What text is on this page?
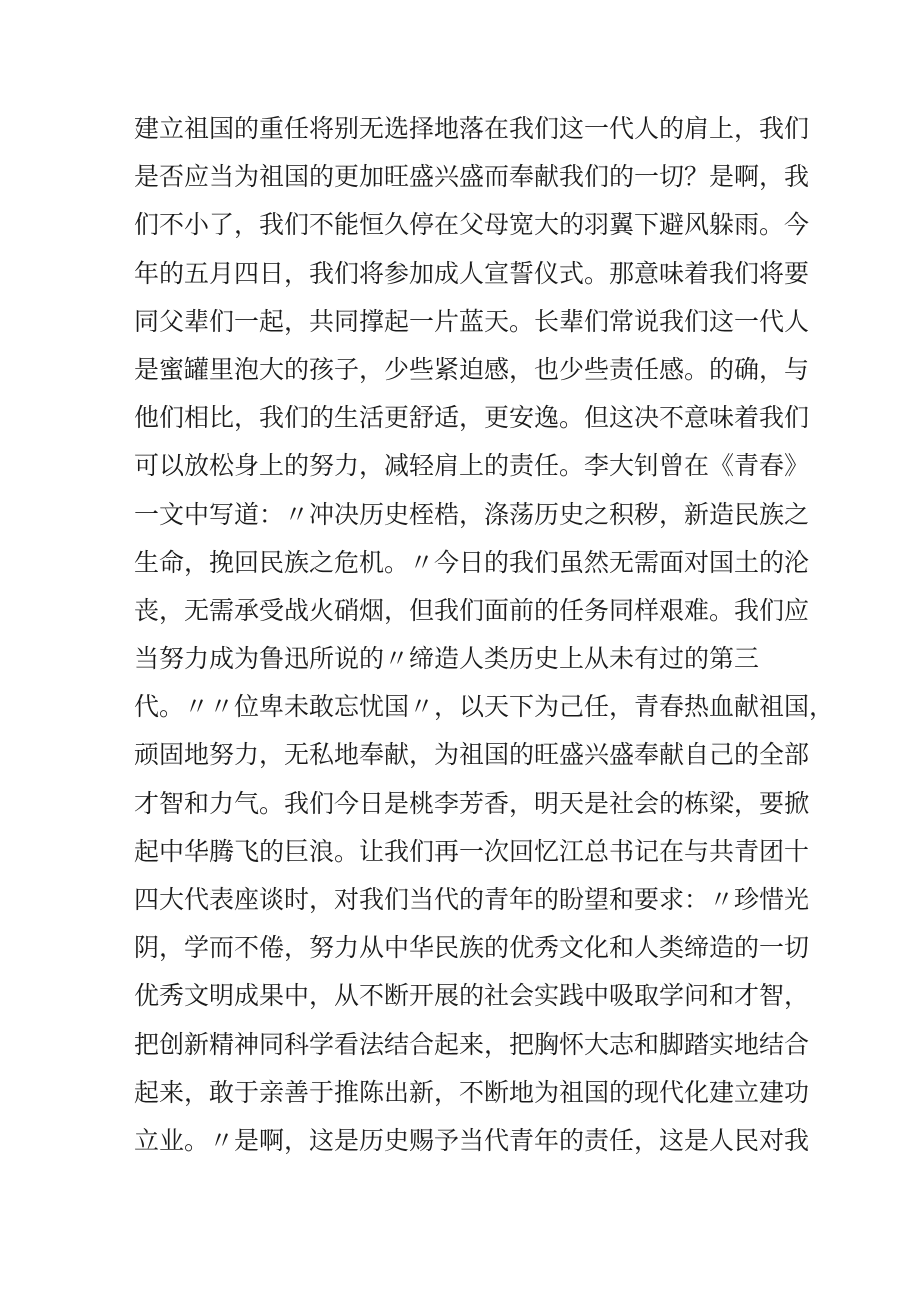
建立祖国的重任将别无选择地落在我们这一代人的肩上，我们
是否应当为祖国的更加旺盛兴盛而奉献我们的一切？是啊，我
们不小了，我们不能恒久停在父母宽大的羽翼下避风躲雨。今
年的五月四日，我们将参加成人宣誓仪式。那意味着我们将要
同父辈们一起，共同撑起一片蓝天。长辈们常说我们这一代人
是蜜罐里泡大的孩子，少些紧迫感，也少些责任感。的确，与
他们相比，我们的生活更舒适，更安逸。但这决不意味着我们
可以放松身上的努力，减轻肩上的责任。李大钊曾在《青春》
一文中写道：〃冲决历史桎梏，涤荡历史之积秽，新造民族之
生命，挽回民族之危机。〃今日的我们虽然无需面对国土的沦
丧，无需承受战火硝烟，但我们面前的任务同样艰难。我们应
当努力成为鲁迅所说的〃缔造人类历史上从未有过的第三
代。〃〃位卑未敢忘忧国〃，以天下为己任，青春热血献祖国，
顽固地努力，无私地奉献，为祖国的旺盛兴盛奉献自己的全部
才智和力气。我们今日是桃李芳香，明天是社会的栋梁，要掀
起中华腾飞的巨浪。让我们再一次回忆江总书记在与共青团十
四大代表座谈时，对我们当代的青年的盼望和要求：〃珍惜光
阴，学而不倦，努力从中华民族的优秀文化和人类缔造的一切
优秀文明成果中，从不断开展的社会实践中吸取学问和才智，
把创新精神同科学看法结合起来，把胸怀大志和脚踏实地结合
起来，敢于亲善于推陈出新，不断地为祖国的现代化建立建功
立业。〃是啊，这是历史赐予当代青年的责任，这是人民对我
